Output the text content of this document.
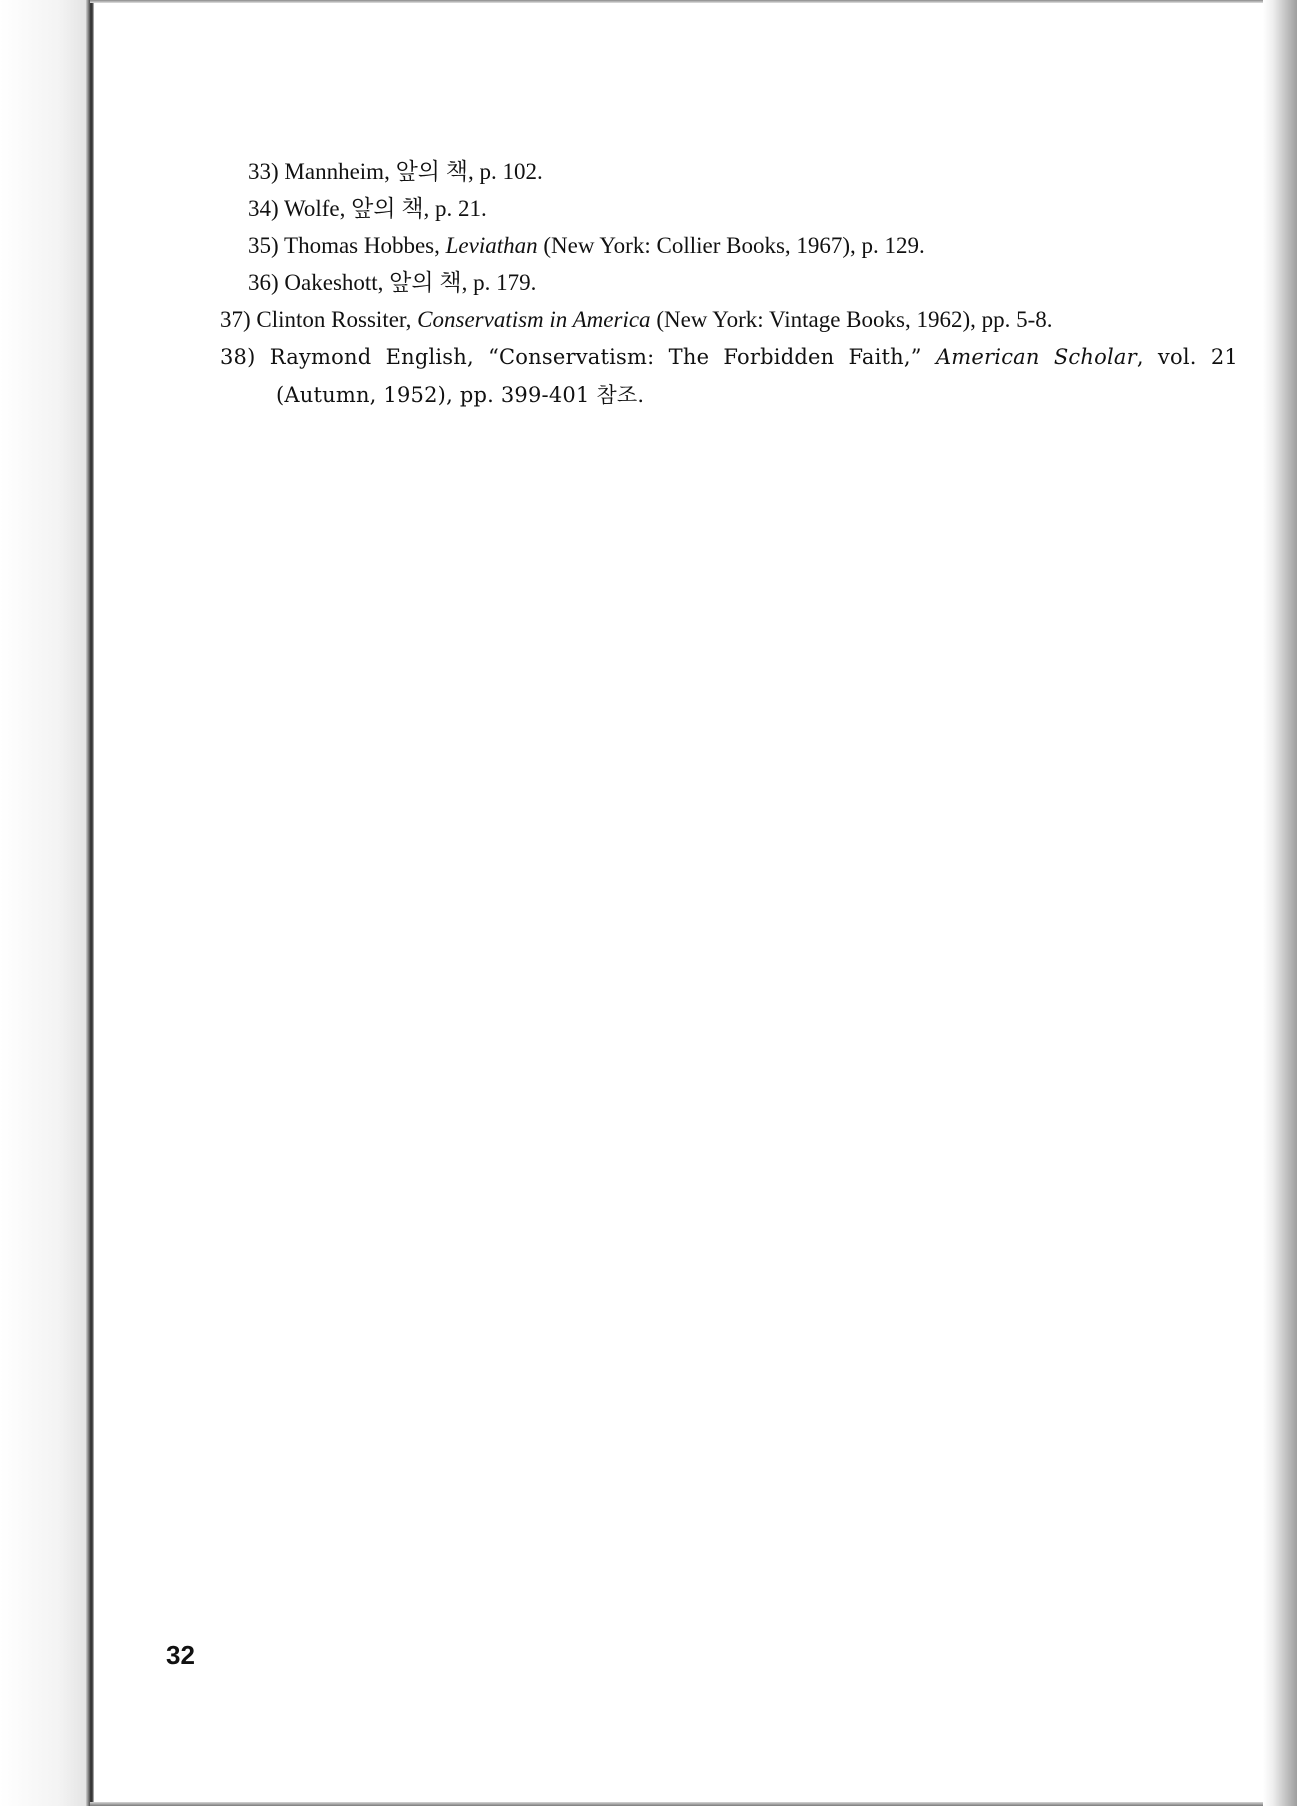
33) Mannheim, 앞의 책, p. 102.

34) Wolfe, 앞의 책, p. 21.

35) Thomas Hobbes, Leviathan (New York: Collier Books, 1967), p. 129.

36) Oakeshott, 앞의 책, p. 179.

37) Clinton Rossiter, Conservatism in America (New York: Vintage Books, 1962), pp. 5-8.

38) Raymond English, “Conservatism: The Forbidden Faith,” American Scholar, vol. 21 (Autumn, 1952), pp. 399-401 참조.

32
